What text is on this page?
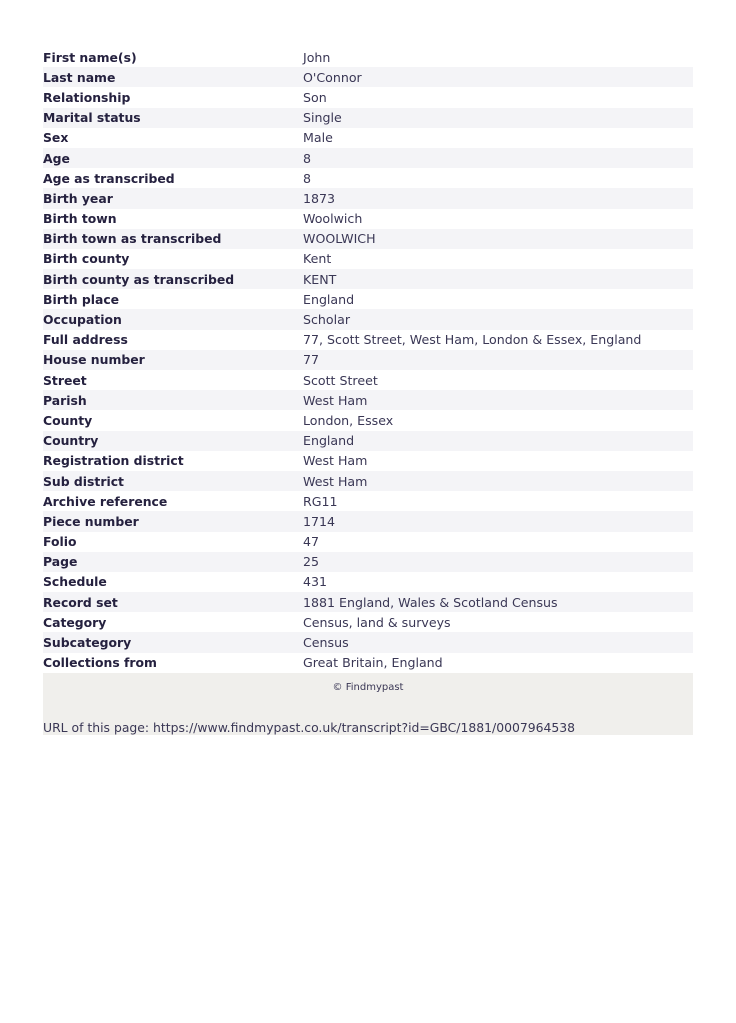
First name(s)	John
Last name	O'Connor
Relationship	Son
Marital status	Single
Sex	Male
Age	8
Age as transcribed	8
Birth year	1873
Birth town	Woolwich
Birth town as transcribed	WOOLWICH
Birth county	Kent
Birth county as transcribed	KENT
Birth place	England
Occupation	Scholar
Full address	77, Scott Street, West Ham, London & Essex, England
House number	77
Street	Scott Street
Parish	West Ham
County	London, Essex
Country	England
Registration district	West Ham
Sub district	West Ham
Archive reference	RG11
Piece number	1714
Folio	47
Page	25
Schedule	431
Record set	1881 England, Wales & Scotland Census
Category	Census, land & surveys
Subcategory	Census
Collections from	Great Britain, England
© Findmypast
URL of this page: https://www.findmypast.co.uk/transcript?id=GBC/1881/0007964538
